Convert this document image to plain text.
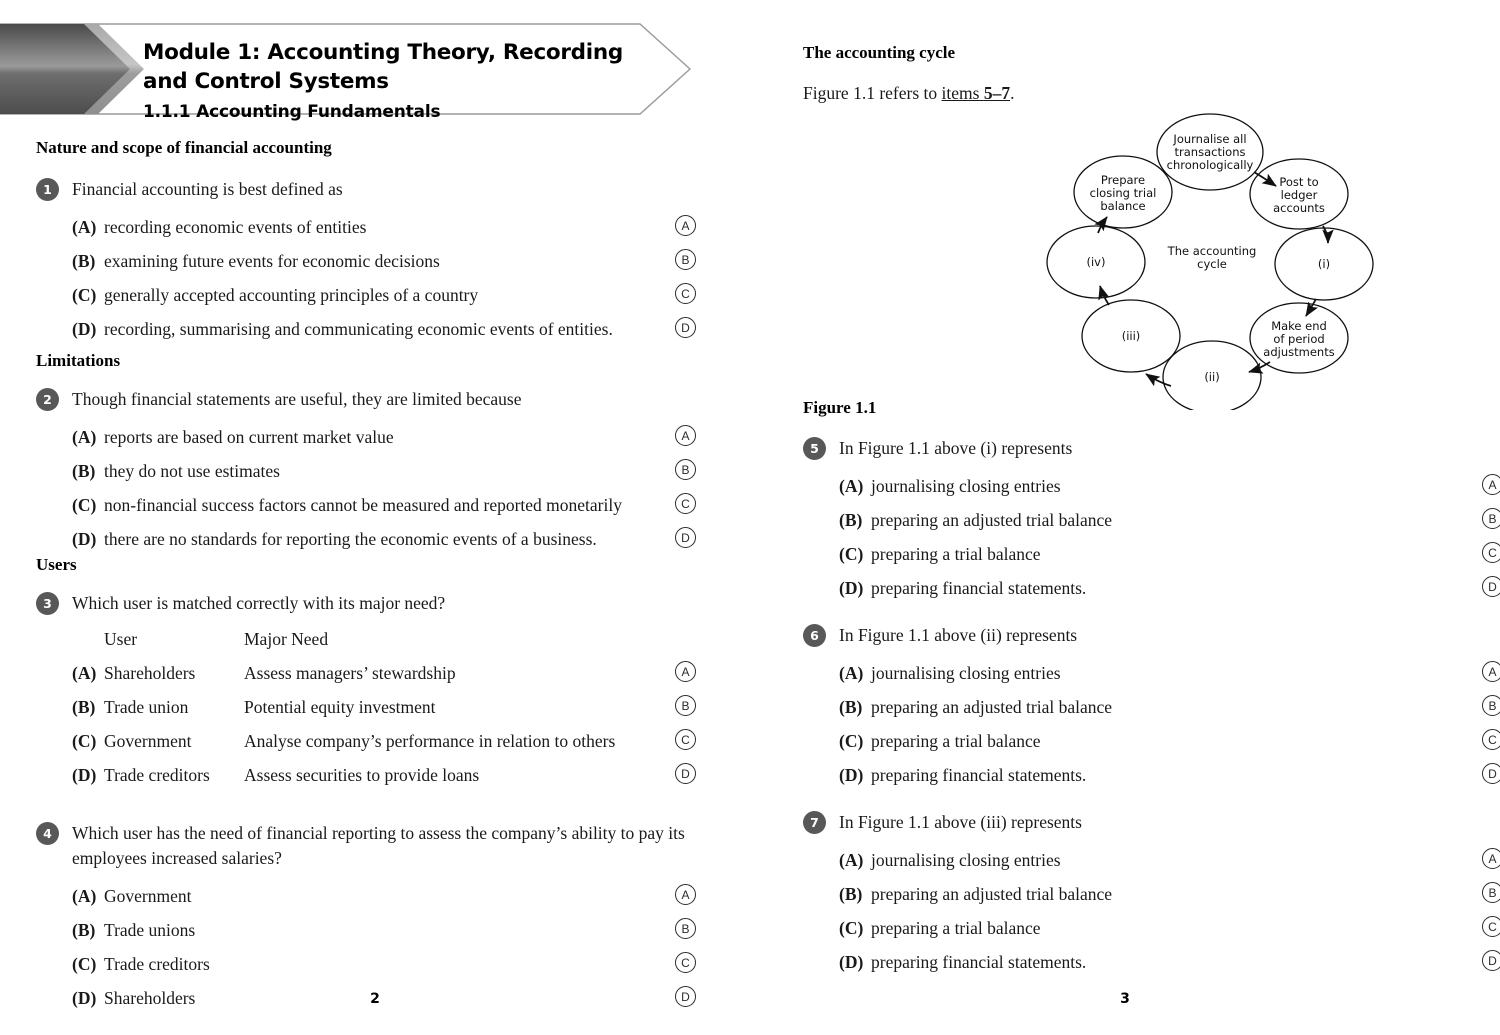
Module 1: Accounting Theory, Recording and Control Systems
1.1.1 Accounting Fundamentals
Nature and scope of financial accounting
1	Financial accounting is best defined as
(A) recording economic events of entities	A
(B) examining future events for economic decisions	B
(C) generally accepted accounting principles of a country	C
(D) recording, summarising and communicating economic events of entities.	D
Limitations
2	Though financial statements are useful, they are limited because
(A) reports are based on current market value	A
(B) they do not use estimates	B
(C) non-financial success factors cannot be measured and reported monetarily	C
(D) there are no standards for reporting the economic events of a business.	D
Users
3	Which user is matched correctly with its major need?
User	Major Need
(A) Shareholders	Assess managers’ stewardship	A
(B) Trade union	Potential equity investment	B
(C) Government	Analyse company’s performance in relation to others	C
(D) Trade creditors	Assess securities to provide loans	D
4	Which user has the need of financial reporting to assess the company’s ability to pay its employees increased salaries?
(A) Government	A
(B) Trade unions	B
(C) Trade creditors	C
(D) Shareholders	D
2
The accounting cycle
Figure 1.1 refers to items 5–7.
Journalise all
transactions
chronologically
Post to
ledger
accounts
(i)
Make end
of period
adjustments
(ii)
(iii)
(iv)
Prepare
closing trial
balance
The accounting
cycle
Figure 1.1
5	In Figure 1.1 above (i) represents
(A) journalising closing entries	A
(B) preparing an adjusted trial balance	B
(C) preparing a trial balance	C
(D) preparing financial statements.	D
6	In Figure 1.1 above (ii) represents
(A) journalising closing entries	A
(B) preparing an adjusted trial balance	B
(C) preparing a trial balance	C
(D) preparing financial statements.	D
7	In Figure 1.1 above (iii) represents
(A) journalising closing entries	A
(B) preparing an adjusted trial balance	B
(C) preparing a trial balance	C
(D) preparing financial statements.	D
3
